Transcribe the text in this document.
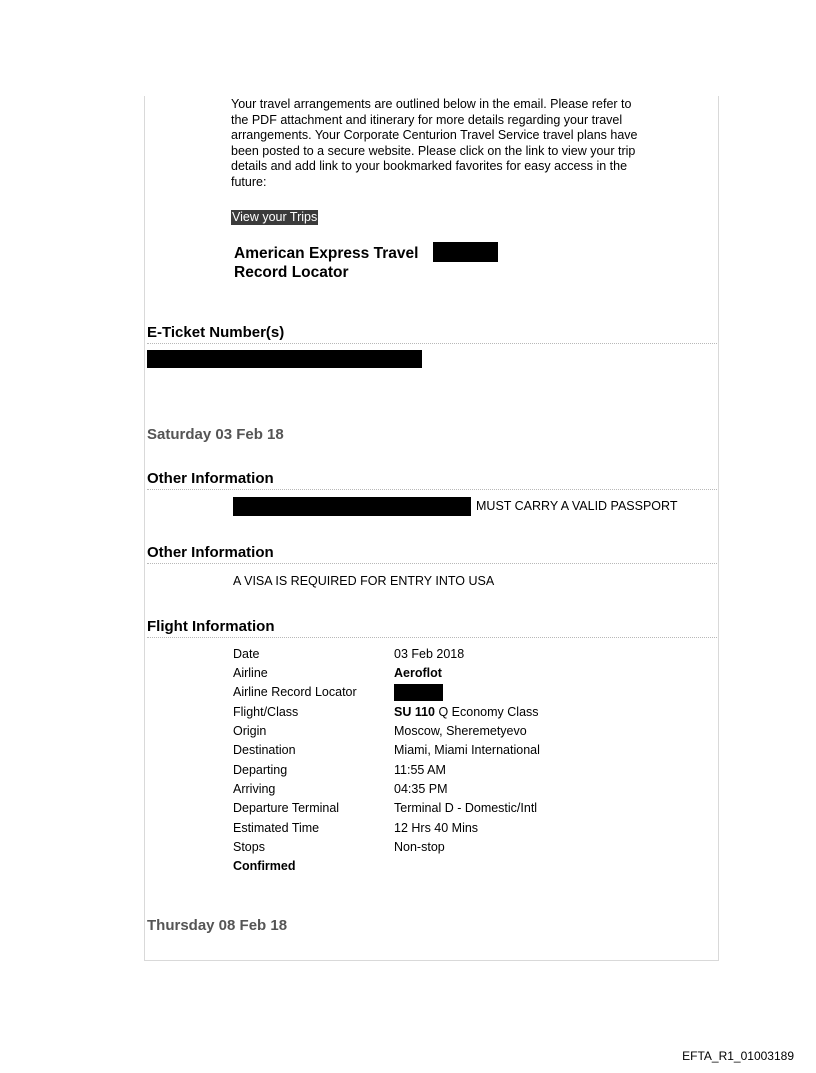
Your travel arrangements are outlined below in the email. Please refer to the PDF attachment and itinerary for more details regarding your travel arrangements. Your Corporate Centurion Travel Service travel plans have been posted to a secure website. Please click on the link to view your trip details and add link to your bookmarked favorites for easy access in the future:
View your Trips
American Express Travel
Record Locator
E-Ticket Number(s)
Saturday 03 Feb 18
Other Information
MUST CARRY A VALID PASSPORT
Other Information
A VISA IS REQUIRED FOR ENTRY INTO USA
Flight Information
Date	03 Feb 2018
Airline	Aeroflot
Airline Record Locator
Flight/Class	SU 110 Q Economy Class
Origin	Moscow, Sheremetyevo
Destination	Miami, Miami International
Departing	11:55 AM
Arriving	04:35 PM
Departure Terminal	Terminal D - Domestic/Intl
Estimated Time	12 Hrs 40 Mins
Stops	Non-stop
Confirmed
Thursday 08 Feb 18
EFTA_R1_01003189
